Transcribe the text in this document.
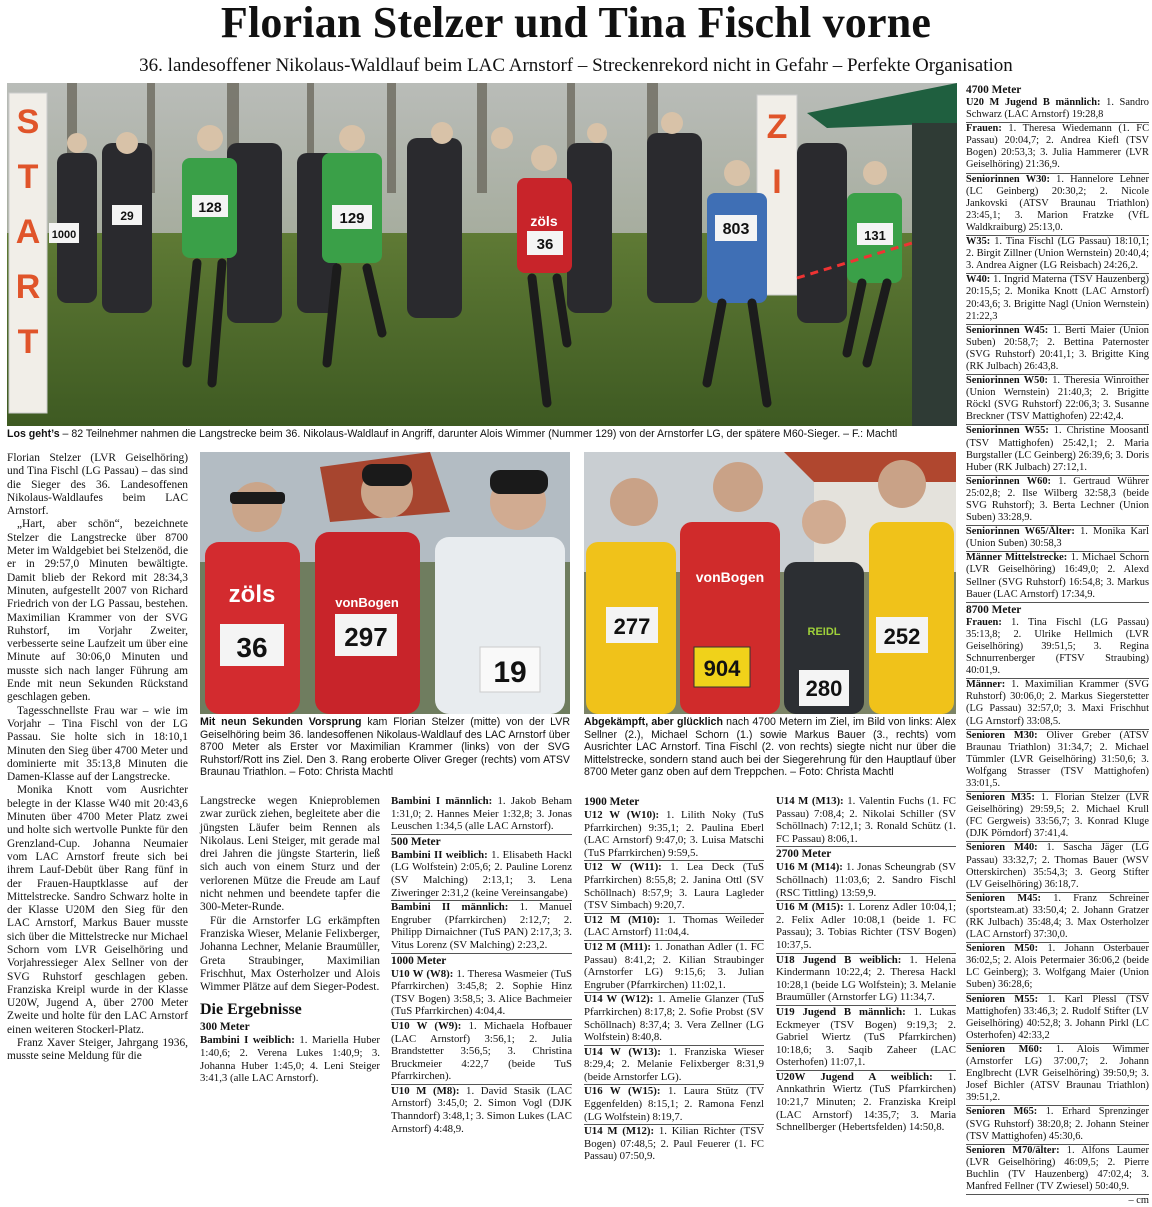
Florian Stelzer und Tina Fischl vorne
36. landesoffener Nikolaus-Waldlauf beim LAC Arnstorf – Streckenrekord nicht in Gefahr – Perfekte Organisation
S
T
A
R
T
Z
I
128
129	zöls
36
803	131
1000
29
Los geht’s – 82 Teilnehmer nahmen die Langstrecke beim 36. Nikolaus-Waldlauf in Angriff, darunter Alois Wimmer (Nummer 129) von der Arnstorfer LG, der spätere M60-Sieger. – F.: Machtl
zöls
36
vonBogen
297
19
Mit neun Sekunden Vorsprung kam Florian Stelzer (mitte) von der LVR Geiselhöring beim 36. landesoffenen Nikolaus-Waldlauf des LAC Arnstorf über 8700 Meter als Erster vor Maximilian Krammer (links) von der SVG Ruhstorf/Rott ins Ziel. Den 3. Rang eroberte Oliver Greger (rechts) vom ATSV Braunau Triathlon. – Foto: Christa Machtl
277
vonBogen
904
REIDL
280
252
Abgekämpft, aber glücklich nach 4700 Metern im Ziel, im Bild von links: Alex Sellner (2.), Michael Schorn (1.) sowie Markus Bauer (3., rechts) vom Ausrichter LAC Arnstorf. Tina Fischl (2. von rechts) siegte nicht nur über die Mittelstrecke, sondern stand auch bei der Siegerehrung für den Hauptlauf über 8700 Meter ganz oben auf dem Treppchen. – Foto: Christa Machtl

Florian Stelzer (LVR Geiselhöring) und Tina Fischl (LG Passau) – das sind die Sieger des 36. Landesoffenen Nikolaus-Waldlaufes beim LAC Arnstorf.

„Hart, aber schön“, bezeichnete Stelzer die Langstrecke über 8700 Meter im Waldgebiet bei Stelzenöd, die er in 29:57,0 Minuten bewältigte. Damit blieb der Rekord mit 28:34,3 Minuten, aufgestellt 2007 von Richard Friedrich von der LG Passau, bestehen. Maximilian Krammer von der SVG Ruhstorf, im Vorjahr Zweiter, verbesserte seine Laufzeit um über eine Minute auf 30:06,0 Minuten und musste sich nach langer Führung am Ende mit neun Sekunden Rückstand geschlagen geben.

Tagesschnellste Frau war – wie im Vorjahr – Tina Fischl von der LG Passau. Sie holte sich in 18:10,1 Minuten den Sieg über 4700 Meter und dominierte mit 35:13,8 Minuten die Damen-Klasse auf der Langstrecke.

Monika Knott vom Ausrichter belegte in der Klasse W40 mit 20:43,6 Minuten über 4700 Meter Platz zwei und holte sich wertvolle Punkte für den Grenzland-Cup. Johanna Neumaier vom LAC Arnstorf freute sich bei ihrem Lauf-Debüt über Rang fünf in der Frauen-Hauptklasse auf der Mittelstrecke. Sandro Schwarz holte in der Klasse U20M den Sieg für den LAC Arnstorf, Markus Bauer musste sich über die Mittelstrecke nur Michael Schorn vom LVR Geiselhöring und Vorjahressieger Alex Sellner von der SVG Ruhstorf geschlagen geben. Franziska Kreipl wurde in der Klasse U20W, Jugend A, über 2700 Meter Zweite und holte für den LAC Arnstorf einen weiteren Stockerl-Platz.

Franz Xaver Steiger, Jahrgang 1936, musste seine Meldung für die

Langstrecke wegen Knieproblemen zwar zurück ziehen, begleitete aber die jüngsten Läufer beim Rennen als Nikolaus. Leni Steiger, mit gerade mal drei Jahren die jüngste Starterin, ließ sich auch von einem Sturz und der verlorenen Mütze die Freude am Lauf nicht nehmen und beendete tapfer die 300-Meter-Runde.

Für die Arnstorfer LG erkämpften Franziska Wieser, Melanie Felixberger, Johanna Lechner, Melanie Braumüller, Greta Straubinger, Maximilian Frischhut, Max Osterholzer und Alois Wimmer Plätze auf dem Sieger-Podest.

Die Ergebnisse
300 Meter
Bambini I weiblich: 1. Mariella Huber 1:40,6; 2. Verena Lukes 1:40,9; 3. Johanna Huber 1:45,0; 4. Leni Steiger 3:41,3 (alle LAC Arnstorf).
Bambini I männlich: 1. Jakob Beham 1:31,0; 2. Hannes Meier 1:32,8; 3. Jonas Leuschen 1:34,5 (alle LAC Arnstorf).
500 Meter
Bambini II weiblich: 1. Elisabeth Hackl (LG Wolfstein) 2:05,6; 2. Pauline Lorenz (SV Malching) 2:13,1; 3. Lena Ziweringer 2:31,2 (keine Vereinsangabe)
Bambini II männlich: 1. Manuel Engruber (Pfarrkirchen) 2:12,7; 2. Philipp Dirnaichner (TuS PAN) 2:17,3; 3. Vitus Lorenz (SV Malching) 2:23,2.
1000 Meter
U10 W (W8): 1. Theresa Wasmeier (TuS Pfarrkirchen) 3:45,8; 2. Sophie Hinz (TSV Bogen) 3:58,5; 3. Alice Bachmeier (TuS Pfarrkirchen) 4:04,4.
U10 W (W9): 1. Michaela Hofbauer (LAC Arnstorf) 3:56,1; 2. Julia Brandstetter 3:56,5; 3. Christina Bruckmeier 4:22,7 (beide TuS Pfarrkirchen).
U10 M (M8): 1. David Stasik (LAC Arnstorf) 3:45,0; 2. Simon Vogl (DJK Thanndorf) 3:48,1; 3. Simon Lukes (LAC Arnstorf) 4:48,9.
1900 Meter
U12 W (W10): 1. Lilith Noky (TuS Pfarrkirchen) 9:35,1; 2. Paulina Eberl (LAC Arnstorf) 9:47,0; 3. Luisa Matschi (TuS Pfarrkirchen) 9:59,5.
U12 W (W11): 1. Lea Deck (TuS Pfarrkirchen) 8:55,8; 2. Janina Ottl (SV Schöllnach) 8:57,9; 3. Laura Lagleder (TSV Simbach) 9:20,7.
U12 M (M10): 1. Thomas Weileder (LAC Arnstorf) 11:04,4.
U12 M (M11): 1. Jonathan Adler (1. FC Passau) 8:41,2; 2. Kilian Straubinger (Arnstorfer LG) 9:15,6; 3. Julian Engruber (Pfarrkirchen) 11:02,1.
U14 W (W12): 1. Amelie Glanzer (TuS Pfarrkirchen) 8:17,8; 2. Sofie Probst (SV Schöllnach) 8:37,4; 3. Vera Zellner (LG Wolfstein) 8:40,8.
U14 W (W13): 1. Franziska Wieser 8:29,4; 2. Melanie Felixberger 8:31,9 (beide Arnstorfer LG).
U16 W (W15): 1. Laura Stütz (TV Eggenfelden) 8:15,1; 2. Ramona Fenzl (LG Wolfstein) 8:19,7.
U14 M (M12): 1. Kilian Richter (TSV Bogen) 07:48,5; 2. Paul Feuerer (1. FC Passau) 07:50,9.
U14 M (M13): 1. Valentin Fuchs (1. FC Passau) 7:08,4; 2. Nikolai Schiller (SV Schöllnach) 7:12,1; 3. Ronald Schütz (1. FC Passau) 8:06,1.
2700 Meter
U16 M (M14): 1. Jonas Scheungrab (SV Schöllnach) 11:03,6; 2. Sandro Fischl (RSC Tittling) 13:59,9.
U16 M (M15): 1. Lorenz Adler 10:04,1; 2. Felix Adler 10:08,1 (beide 1. FC Passau); 3. Tobias Richter (TSV Bogen) 10:37,5.
U18 Jugend B weiblich: 1. Helena Kindermann 10:22,4; 2. Theresa Hackl 10:28,1 (beide LG Wolfstein); 3. Melanie Braumüller (Arnstorfer LG) 11:34,7.
U19 Jugend B männlich: 1. Lukas Eckmeyer (TSV Bogen) 9:19,3; 2. Gabriel Wiertz (TuS Pfarrkirchen) 10:18,6; 3. Saqib Zaheer (LAC Osterhofen) 11:07,1.
U20W Jugend A weiblich: 1. Annkathrin Wiertz (TuS Pfarrkirchen) 10:21,7 Minuten; 2. Franziska Kreipl (LAC Arnstorf) 14:35,7; 3. Maria Schnellberger (Hebertsfelden) 14:50,8.
4700 Meter
U20 M Jugend B männlich: 1. Sandro Schwarz (LAC Arnstorf) 19:28,8
Frauen: 1. Theresa Wiedemann (1. FC Passau) 20:04,7; 2. Andrea Kiefl (TSV Bogen) 20:53,3; 3. Julia Hammerer (LVR Geiselhöring) 21:36,9.
Seniorinnen W30: 1. Hannelore Lehner (LC Geinberg) 20:30,2; 2. Nicole Jankovski (ATSV Braunau Triathlon) 23:45,1; 3. Marion Fratzke (VfL Waldkraiburg) 25:13,0.
W35: 1. Tina Fischl (LG Passau) 18:10,1; 2. Birgit Zillner (Union Wernstein) 20:40,4; 3. Andrea Aigner (LG Reisbach) 24:26,2.
W40: 1. Ingrid Materna (TSV Hauzenberg) 20:15,5; 2. Monika Knott (LAC Arnstorf) 20:43,6; 3. Brigitte Nagl (Union Wernstein) 21:22,3
Seniorinnen W45: 1. Berti Maier (Union Suben) 20:58,7; 2. Bettina Paternoster (SVG Ruhstorf) 20:41,1; 3. Brigitte King (RK Julbach) 26:43,8.
Seniorinnen W50: 1. Theresia Winroither (Union Wernstein) 21:40,3; 2. Brigitte Röckl (SVG Ruhstorf) 22:06,3; 3. Susanne Breckner (TSV Mattighofen) 22:42,4.
Seniorinnen W55: 1. Christine Moosantl (TSV Mattighofen) 25:42,1; 2. Maria Burgstaller (LC Geinberg) 26:39,6; 3. Doris Huber (RK Julbach) 27:12,1.
Seniorinnen W60: 1. Gertraud Wührer 25:02,8; 2. Ilse Wilberg 32:58,3 (beide SVG Ruhstorf); 3. Berta Lechner (Union Suben) 33:28,9.
Seniorinnen W65/Älter: 1. Monika Karl (Union Suben) 30:58,3
Männer Mittelstrecke: 1. Michael Schorn (LVR Geiselhöring) 16:49,0; 2. Alexd Sellner (SVG Ruhstorf) 16:54,8; 3. Markus Bauer (LAC Arnstorf) 17:34,9.
8700 Meter
Frauen: 1. Tina Fischl (LG Passau) 35:13,8; 2. Ulrike Hellmich (LVR Geiselhöring) 39:51,5; 3. Regina Schnurrenberger (FTSV Straubing) 40:01,9.
Männer: 1. Maximilian Krammer (SVG Ruhstorf) 30:06,0; 2. Markus Siegerstetter (LG Passau) 32:57,0; 3. Maxi Frischhut (LG Arnstorf) 33:08,5.
Senioren M30: Oliver Greber (ATSV Braunau Triathlon) 31:34,7; 2. Michael Tümmler (LVR Geiselhöring) 31:50,6; 3. Wolfgang Strasser (TSV Mattighofen) 33:01,5.
Senioren M35: 1. Florian Stelzer (LVR Geiselhöring) 29:59,5; 2. Michael Krull (FC Gergweis) 33:56,7; 3. Konrad Kluge (DJK Pörndorf) 37:41,4.
Senioren M40: 1. Sascha Jäger (LG Passau) 33:32,7; 2. Thomas Bauer (WSV Otterskirchen) 35:54,3; 3. Georg Stifter (LV Geiselhöring) 36:18,7.
Senioren M45: 1. Franz Schreiner (sportsteam.at) 33:50,4; 2. Johann Gratzer (RK Julbach) 35:48,4; 3. Max Osterholzer (LAC Arnstorf) 37:30,0.
Senioren M50: 1. Johann Osterbauer 36:02,5; 2. Alois Petermaier 36:06,2 (beide LC Geinberg); 3. Wolfgang Maier (Union Suben) 36:28,6;
Senioren M55: 1. Karl Plessl (TSV Mattighofen) 33:46,3; 2. Rudolf Stifter (LV Geiselhöring) 40:52,8; 3. Johann Pirkl (LC Osterhofen) 42:33,2
Senioren M60: 1. Alois Wimmer (Arnstorfer LG) 37:00,7; 2. Johann Englbrecht (LVR Geiselhöring) 39:50,9; 3. Josef Bichler (ATSV Braunau Triathlon) 39:51,2.
Senioren M65: 1. Erhard Sprenzinger (SVG Ruhstorf) 38:20,8; 2. Johann Steiner (TSV Mattighofen) 45:30,6.
Senioren M70/älter: 1. Alfons Laumer (LVR Geiselhöring) 46:09,5; 2. Pierre Buchlin (TV Hauzenberg) 47:02,4; 3. Manfred Fellner (TV Zwiesel) 50:40,9.
– cm
